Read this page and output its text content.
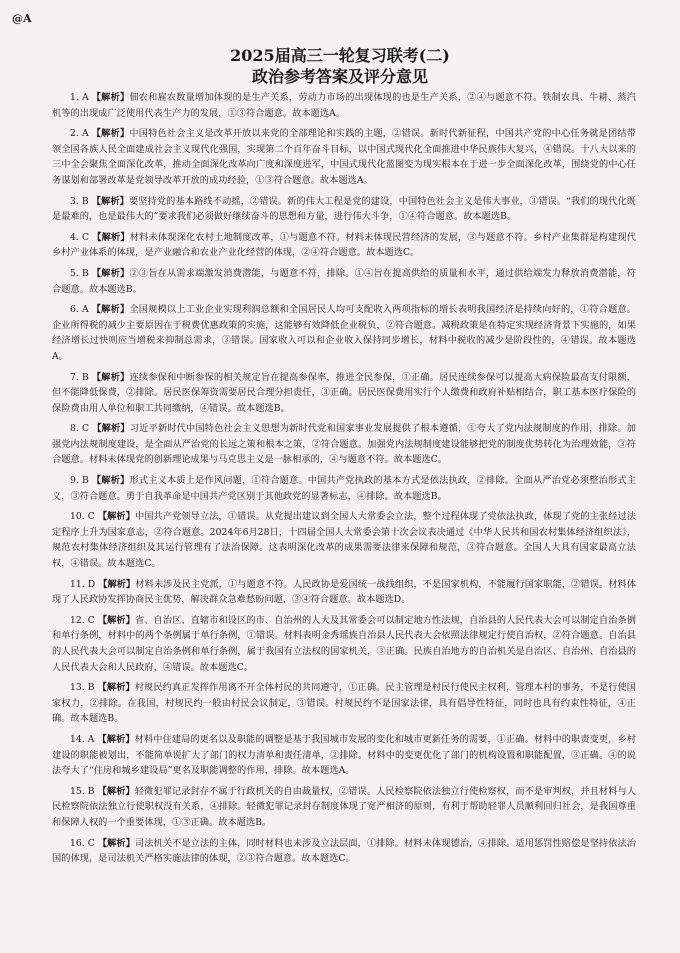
@A
2025届高三一轮复习联考(二)
政治参考答案及评分意见
1. A 【解析】佃农和雇农数量增加体现的是生产关系，劳动力市场的出现体现的也是生产关系，②④与题意不符。铁制农具、牛耕、蒸汽机等的出现成广泛使用代表生产力的发展，①③符合题意。故本题选A。
2. A 【解析】中国特色社会主义是改革开放以来党的全部理论和实践的主题，②错误。新时代新征程，中国共产党的中心任务就是团结带领全国各族人民全面建成社会主义现代化强国，实现第二个百年奋斗目标，以中国式现代化全面推进中华民族伟大复兴，④错误。十八大以来的三中全会聚焦全面深化改革，推动全面深化改革向广度和深度进军，中国式现代化蓝图变为现实根本在于进一步全面深化改革，围绕党的中心任务谋划和部署改革是党领导改革开放的成功经验，①③符合题意。故本题选A。
3. B 【解析】要坚持党的基本路线不动摇，②错误。新的伟大工程是党的建设，中国特色社会主义是伟大事业，③错误。“我们的现代化既是最难的，也是最伟大的”要求我们必须做好继续奋斗的思想和方量，进行伟大斗争，①④符合题意。故本题选B。
4. C 【解析】材料未体现深化农村土地制度改革，①与题意不符。材料未体现民营经济的发展，③与题意不符。乡村产业集群是构建现代乡村产业体系的体现，是产业融合和农业产业化经营的体现，②④符合题意。故本题选C。
5. B 【解析】②③旨在从需求端激发消费潜能，与题意不符，排除。①④旨在提高供给的质量和水平，通过供给端发力释放消费潜能，符合题意。故本题选B。
6. A 【解析】全国规模以上工业企业实现利润总额和全国居民人均可支配收入两项指标的增长表明我国经济是持续向好的，①符合题意。企业所得税的减少主要原因在于税费优惠政策的实施，这能够有效降低企业税负，②符合题意。减税政策是在特定实现经济背景下实施的，如果经济增长过快则应当增税来抑制总需求，③错误。国家收入可以和企业收入保持同步增长，材料中税收的减少是阶段性的，④错误。故本题选A。
7. B 【解析】连续参保和中断参保的相关规定旨在提高参保率，推进全民参保，①正确。居民连续参保可以提高大病保险最高支付限额，但不能降低保费，②排除。居民医保筹资需要居民合理分担责任，③正确。居民医保费用实行个人缴费和政府补贴相结合，职工基本医疗保险的保险费由用人单位和职工共同缴纳，④错误。故本题选B。
8. C 【解析】习近平新时代中国特色社会主义思想为新时代党和国家事业发展提供了根本遵循，①夸大了党内法规制度的作用，排除。加强党内法规制度建设，是全面从严治党的长远之策和根本之策，②符合题意。加强党内法规制度建设能够把党的制度优势转化为治理效能，③符合题意。材料未体现党的创新理论成果与马克思主义是一脉相承的，④与题意不符。故本题选C。
9. B 【解析】形式主义本质上是作风问题，①符合题意。中国共产党执政的基本方式是依法执政，②排除。全面从严治党必须整治形式主义，③符合题意。勇于自我革命是中国共产党区别于其他政党的显著标志，④排除。故本题选B。
10. C 【解析】中国共产党领导立法，①错误。从党提出建议到全国人大常委会立法，整个过程体现了党依法执政，体现了党的主张经过法定程序上升为国家意志，②符合题意。2024年6月28日，十四届全国人大常委会第十次会议表决通过《中华人民共和国农村集体经济组织法》，规范农村集体经济组织及其运行管理有了法治保障。这表明深化改革的成果需要法律来保障和规范，③符合题意。全国人大具有国家最高立法权，④错误。故本题选C。
11. D 【解析】材料未涉及民主党派，①与题意不符。人民政协是爱国统一战线组织，不是国家机构，不能履行国家职能，②错误。材料体现了人民政协发挥协商民主优势，解决群众急难愁盼问题，③④符合题意。故本题选D。
12. C 【解析】省、自治区、直辖市和设区的市、自治州的人大及其常委会可以制定地方性法规，自治县的人民代表大会可以制定自治条例和单行条例，材料中的两个条例属于单行条例，①错误。材料表明金秀瑶族自治县人民代表大会依照法律规定行使自治权，②符合题意。自治县的人民代表大会可以制定自治条例和单行条例，属于我国有立法权的国家机关，③正确。民族自治地方的自治机关是自治区、自治州、自治县的人民代表大会和人民政府，④错误。故本题选C。
13. B 【解析】村规民约真正发挥作用离不开全体村民的共同遵守，①正确。民主管理是村民行使民主权利，管理本村的事务，不是行使国家权力，②排除。在我国，村规民约一般由村民会议制定，③错误。村规民约不是国家法律，具有倡导性特征，同时也具有约束性特征，④正确。故本题选B。
14. A 【解析】材料中住建局的更名以及职能的调整是基于我国城市发展的变化和城市更新任务的需要，①正确。材料中的职责变更，乡村建设的职能被划出，不能简单说扩大了部门的权力清单和责任清单，②排除。材料中的变更优化了部门的机构设置和职能配置，③正确。④的说法夸大了“住房和城乡建设局”更名及职能调整的作用，排除。故本题选A。
15. B 【解析】轻微犯罪记录封存不属于行政机关的自由裁量权，②错误。人民检察院依法独立行使检察权，而不是审判权，并且材料与人民检察院依法独立行使职权没有关系，④排除。轻微犯罪记录封存制度体现了宽严相济的原则，有利于帮助轻罪人员顺利回归社会，是我国尊重和保障人权的一个重要体现，①③正确。故本题选B。
16. C 【解析】司法机关不是立法的主体，同时材料也未涉及立法层面，①排除。材料未体现德治，④排除。适用惩罚性赔偿是坚持依法治国的体现，是司法机关严格实施法律的体现，②③符合题意。故本题选C。
